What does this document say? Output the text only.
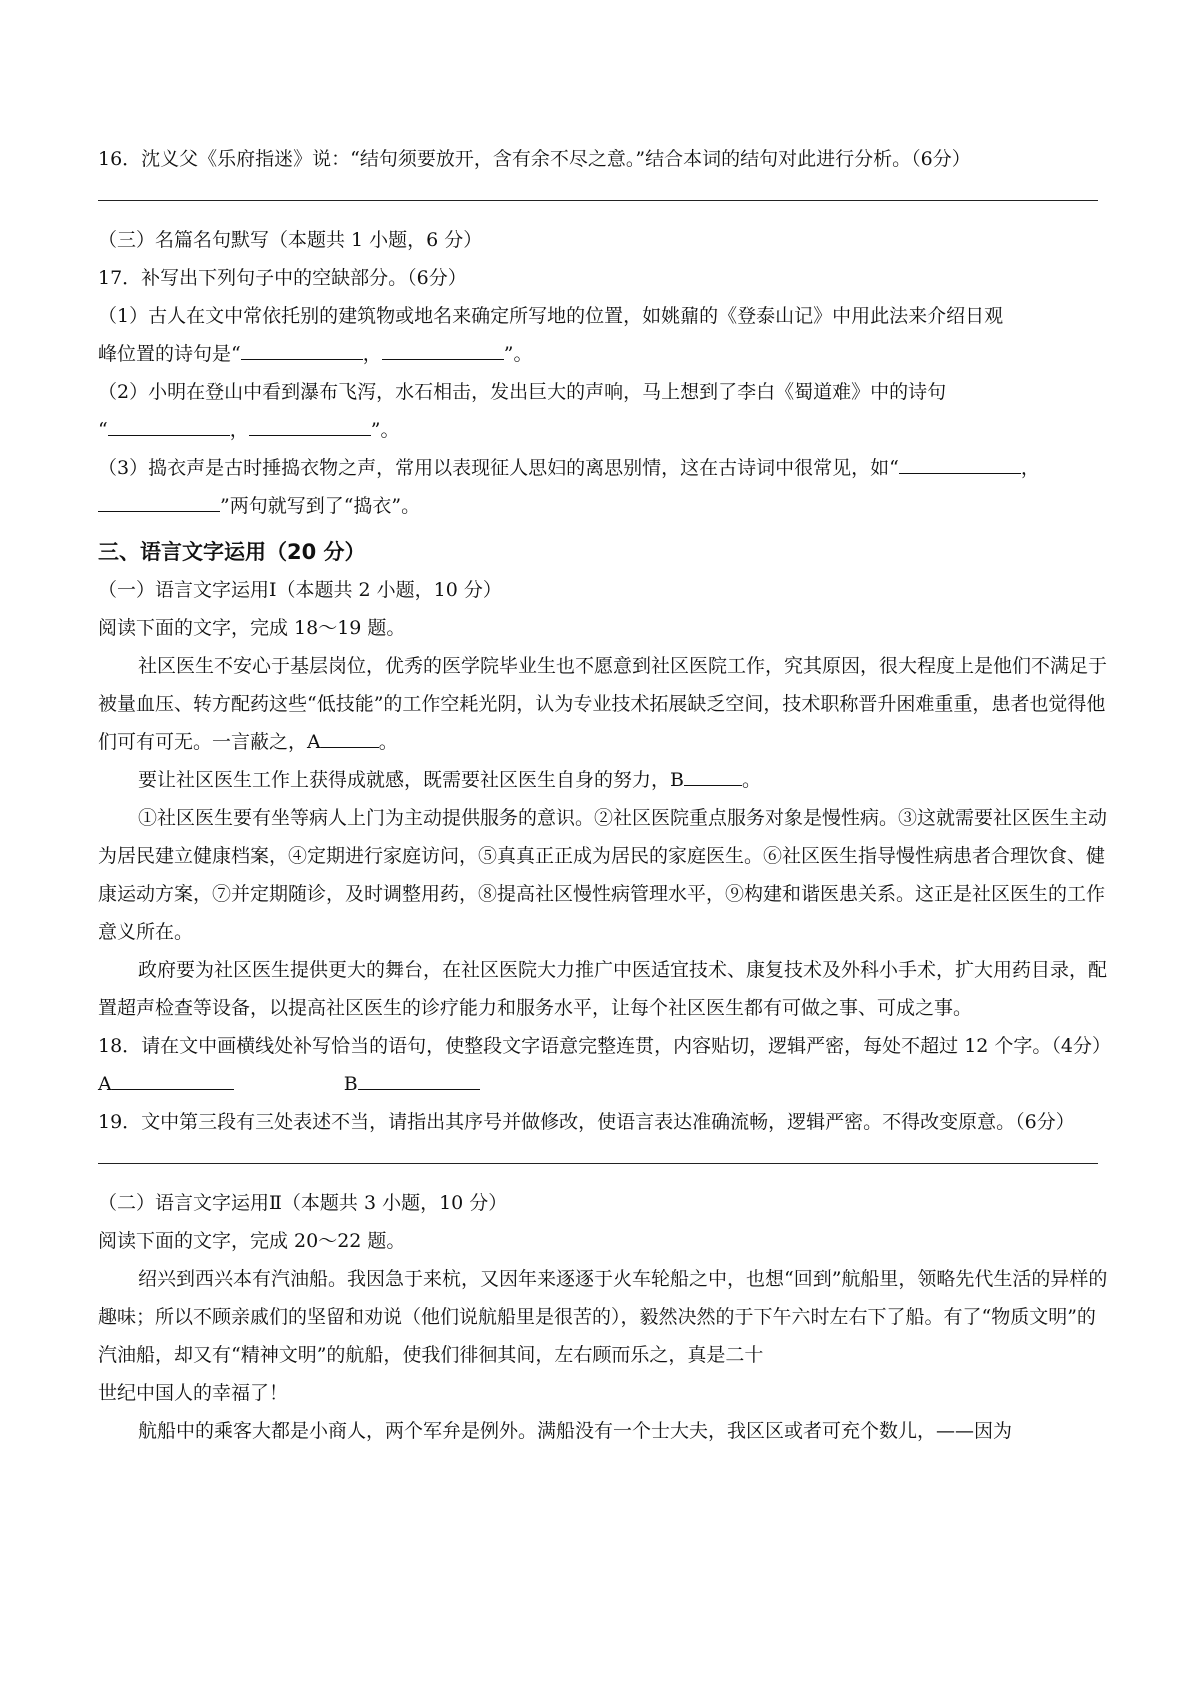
16．沈义父《乐府指迷》说：“结句须要放开，含有余不尽之意。”结合本词的结句对此进行分析。（6分）

（三）名篇名句默写（本题共 1 小题，6 分）

17．补写出下列句子中的空缺部分。（6分）

（1）古人在文中常依托别的建筑物或地名来确定所写地的位置，如姚鼐的《登泰山记》中用此法来介绍日观

峰位置的诗句是“	，	”。

（2）小明在登山中看到瀑布飞泻，水石相击，发出巨大的声响，马上想到了李白《蜀道难》中的诗句

“	，	”。

（3）捣衣声是古时捶捣衣物之声，常用以表现征人思妇的离思别情，这在古诗词中很常见，如“	，

”两句就写到了“捣衣”。

三、语言文字运用（20 分）

（一）语言文字运用Ⅰ（本题共 2 小题，10 分）

阅读下面的文字，完成 18～19 题。

社区医生不安心于基层岗位，优秀的医学院毕业生也不愿意到社区医院工作，究其原因，很大程度上是他们不满足于被量血压、转方配药这些“低技能”的工作空耗光阴，认为专业技术拓展缺乏空间，技术职称晋升困难重重，患者也觉得他们可有可无。一言蔽之，A	。

要让社区医生工作上获得成就感，既需要社区医生自身的努力，B	。

①社区医生要有坐等病人上门为主动提供服务的意识。②社区医院重点服务对象是慢性病。③这就需要社区医生主动为居民建立健康档案，④定期进行家庭访问，⑤真真正正成为居民的家庭医生。⑥社区医生指导慢性病患者合理饮食、健康运动方案，⑦并定期随诊，及时调整用药，⑧提高社区慢性病管理水平，⑨构建和谐医患关系。这正是社区医生的工作意义所在。

政府要为社区医生提供更大的舞台，在社区医院大力推广中医适宜技术、康复技术及外科小手术，扩大用药目录，配置超声检查等设备，以提高社区医生的诊疗能力和服务水平，让每个社区医生都有可做之事、可成之事。

18．请在文中画横线处补写恰当的语句，使整段文字语意完整连贯，内容贴切，逻辑严密，每处不超过 12 个字。（4分）

A	B

19．文中第三段有三处表述不当，请指出其序号并做修改，使语言表达准确流畅，逻辑严密。不得改变原意。（6分）

（二）语言文字运用Ⅱ（本题共 3 小题，10 分）

阅读下面的文字，完成 20～22 题。

绍兴到西兴本有汽油船。我因急于来杭，又因年来逐逐于火车轮船之中，也想“回到”航船里，领略先代生活的异样的趣味；所以不顾亲戚们的坚留和劝说（他们说航船里是很苦的），毅然决然的于下午六时左右下了船。有了“物质文明”的汽油船，却又有“精神文明”的航船，使我们徘徊其间，左右顾而乐之，真是二十

世纪中国人的幸福了！

航船中的乘客大都是小商人，两个军弁是例外。满船没有一个士大夫，我区区或者可充个数儿，——因为
